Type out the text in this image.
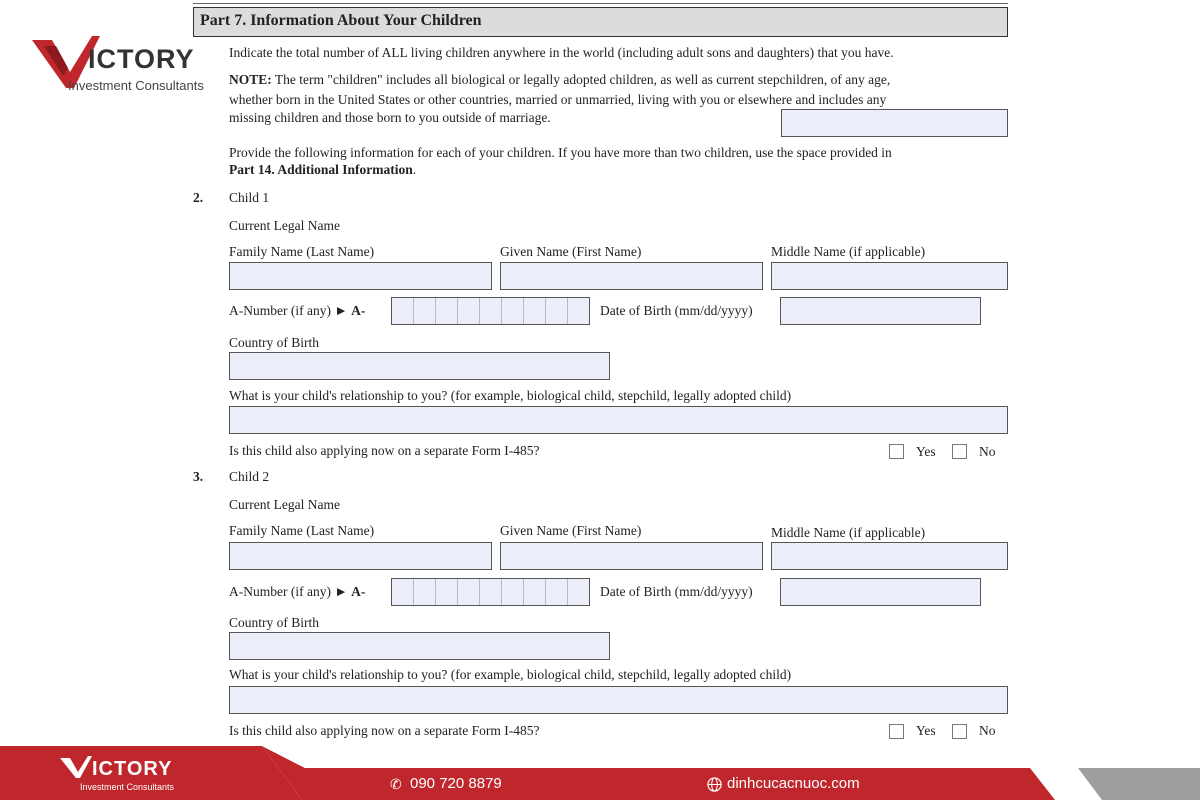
ICTORY
Investment Consultants
Part 7. Information About Your Children
Indicate the total number of ALL living children anywhere in the world (including adult sons and daughters) that you have.
NOTE: The term "children" includes all biological or legally adopted children, as well as current stepchildren, of any age,
whether born in the United States or other countries, married or unmarried, living with you or elsewhere and includes any
missing children and those born to you outside of marriage.
Provide the following information for each of your children. If you have more than two children, use the space provided in
Part 14. Additional Information.
2. Child 1
Current Legal Name
Family Name (Last Name)	Given Name (First Name)	Middle Name (if applicable)
A-Number (if any) ► A-	Date of Birth (mm/dd/yyyy)
Country of Birth
What is your child's relationship to you? (for example, biological child, stepchild, legally adopted child)
Is this child also applying now on a separate Form I-485?	Yes	No
3. Child 2
Current Legal Name
Family Name (Last Name)	Given Name (First Name)	Middle Name (if applicable)
A-Number (if any) ► A-	Date of Birth (mm/dd/yyyy)
Country of Birth
What is your child's relationship to you? (for example, biological child, stepchild, legally adopted child)
Is this child also applying now on a separate Form I-485?	Yes	No
ICTORY
Investment Consultants	✆ 090 720 8879	dinhcucacnuoc.com
